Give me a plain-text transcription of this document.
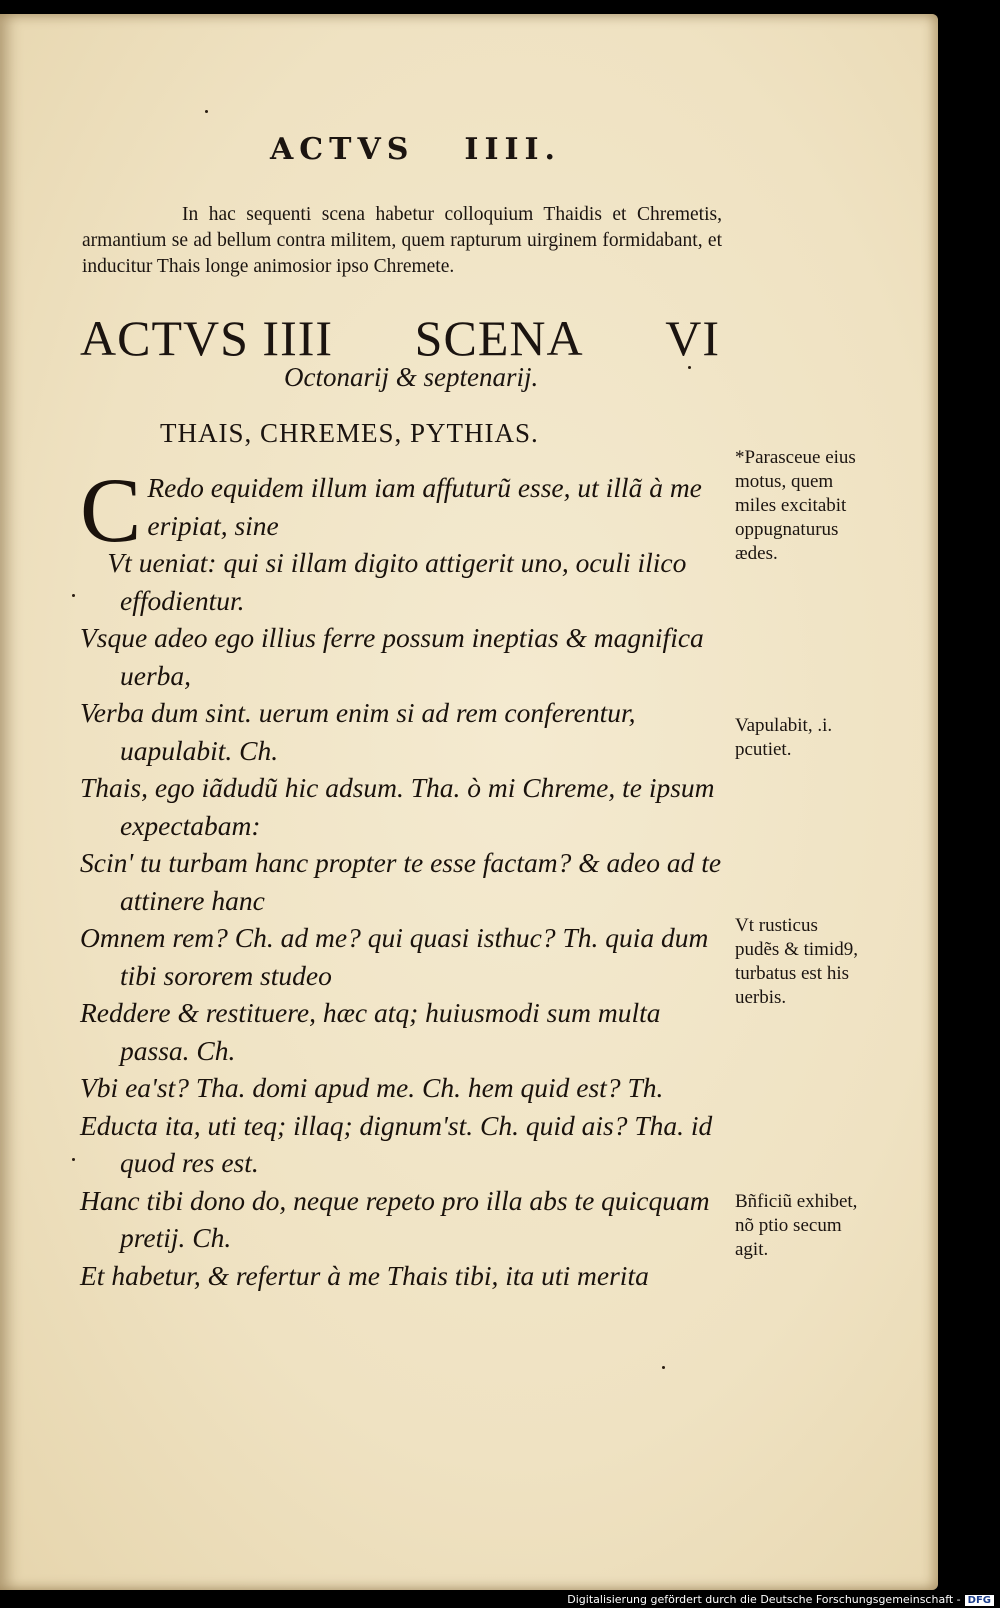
ACTVS IIII.
In hac sequenti scena habetur colloquium Thaidis et Chremetis, armantium se ad bellum contra militem, quem rapturum uirginem formidabant, et inducitur Thais longe animosior ipso Chremete.
ACTVS IIII SCENA VI
Octonarij & septenarij.
THAIS, CHREMES, PYTHIAS.

C Redo equidem illum iam affuturũ esse, ut illã à me
eripiat, sine

Vt ueniat: qui si illam digito attigerit uno, oculi ilico effodientur.

Vsque adeo ego illius ferre possum ineptias & magnifica uerba,

Verba dum sint. uerum enim si ad rem conferentur, uapulabit. Ch.

Thais, ego iãdudũ hic adsum. Tha. ò mi Chreme, te ipsum expectabam:

Scin' tu turbam hanc propter te esse factam? & adeo ad te attinere hanc

Omnem rem? Ch. ad me? qui quasi isthuc? Th. quia dum tibi sororem studeo

Reddere & restituere, hæc atq; huiusmodi sum multa passa. Ch.

Vbi ea'st? Tha. domi apud me. Ch. hem quid est? Th.

Educta ita, uti teq; illaq; dignum'st. Ch. quid ais? Tha. id quod res est.

Hanc tibi dono do, neque repeto pro illa abs te quicquam pretij. Ch.

Et habetur, & refertur à me Thais tibi, ita uti merita

*Parasceue eius motus, quem miles excitabit oppugnaturus ædes.
Vapulabit, .i. pcutiet.
Vt rusticus pudẽs & timid9, turbatus est his uerbis.
Bñficiũ exhibet, nõ ptio secum agit.
Digitalisierung gefördert durch die Deutsche Forschungsgemeinschaft - DFG
